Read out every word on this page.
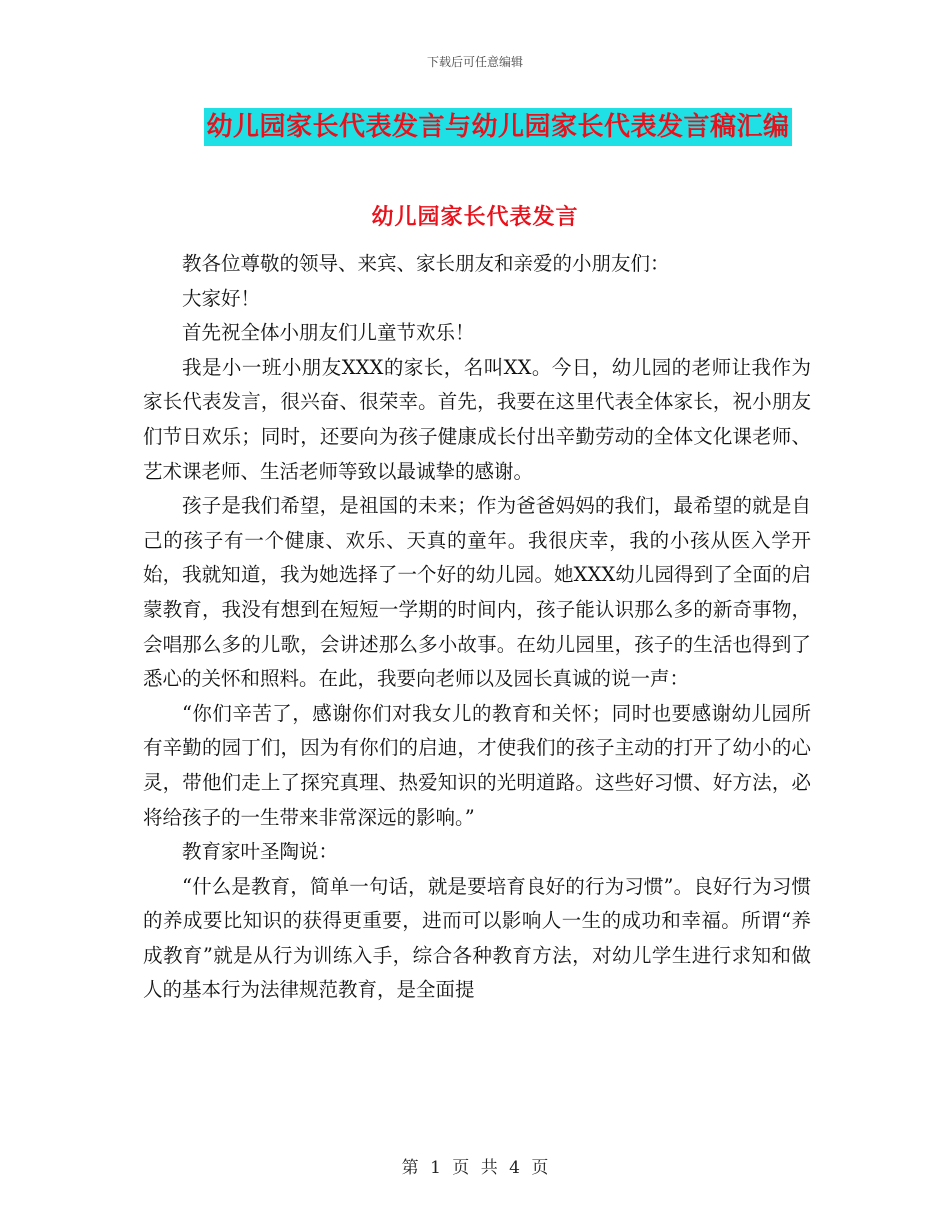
下载后可任意编辑
幼儿园家长代表发言与幼儿园家长代表发言稿汇编
幼儿园家长代表发言

教各位尊敬的领导、来宾、家长朋友和亲爱的小朋友们：

大家好！

首先祝全体小朋友们儿童节欢乐！

我是小一班小朋友XXX的家长，名叫XX。今日，幼儿园的老师让我作为家长代表发言，很兴奋、很荣幸。首先，我要在这里代表全体家长，祝小朋友们节日欢乐；同时，还要向为孩子健康成长付出辛勤劳动的全体文化课老师、艺术课老师、生活老师等致以最诚挚的感谢。

孩子是我们希望，是祖国的未来；作为爸爸妈妈的我们，最希望的就是自己的孩子有一个健康、欢乐、天真的童年。我很庆幸，我的小孩从医入学开始，我就知道，我为她选择了一个好的幼儿园。她XXX幼儿园得到了全面的启蒙教育，我没有想到在短短一学期的时间内，孩子能认识那么多的新奇事物，会唱那么多的儿歌，会讲述那么多小故事。在幼儿园里，孩子的生活也得到了悉心的关怀和照料。在此，我要向老师以及园长真诚的说一声：

“你们辛苦了，感谢你们对我女儿的教育和关怀；同时也要感谢幼儿园所有辛勤的园丁们，因为有你们的启迪，才使我们的孩子主动的打开了幼小的心灵，带他们走上了探究真理、热爱知识的光明道路。这些好习惯、好方法，必将给孩子的一生带来非常深远的影响。”

教育家叶圣陶说：

“什么是教育，简单一句话，就是要培育良好的行为习惯”。良好行为习惯的养成要比知识的获得更重要，进而可以影响人一生的成功和幸福。所谓“养成教育”就是从行为训练入手，综合各种教育方法，对幼儿学生进行求知和做人的基本行为法律规范教育，是全面提

第 1 页 共 4 页
